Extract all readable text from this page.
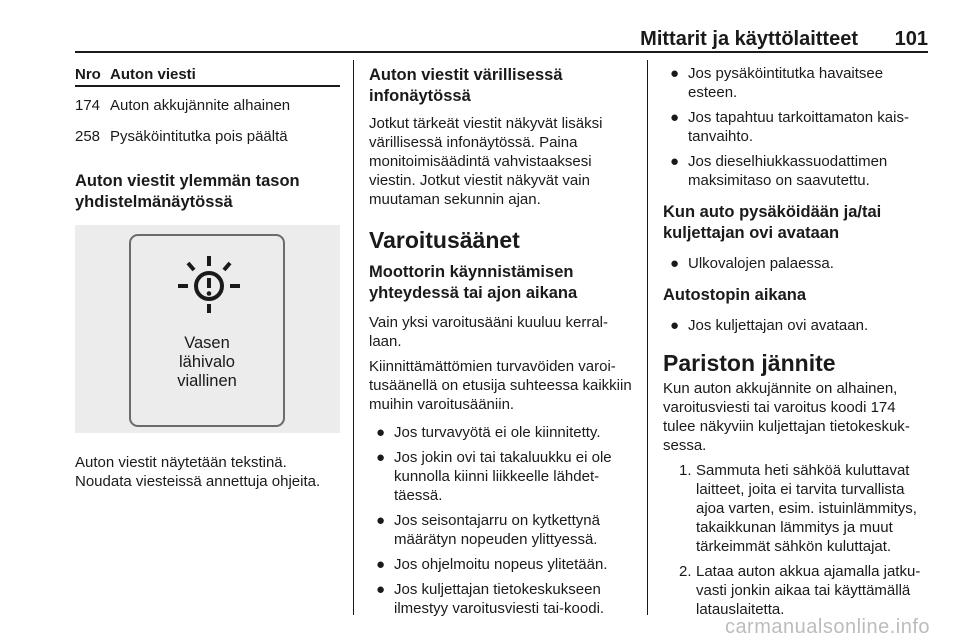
Mittarit ja käyttölaitteet 101
Nro	Auton viesti
174	Auton akkujännite alhainen
258	Pysäköintitutka pois päältä
Auton viestit ylemmän tason yhdistelmänäytössä
Vasen
lähivalo
viallinen

Auton viestit näytetään tekstinä. Noudata viesteissä annettuja ohjeita.

Auton viestit värillisessä infonäytössä

Jotkut tärkeät viestit näkyvät lisäksi värillisessä infonäytössä. Paina monitoimisäädintä vahvistaaksesi viestin. Jotkut viestit näkyvät vain muutaman sekunnin ajan.

Varoitusäänet
Moottorin käynnistämisen yhteydessä tai ajon aikana

Vain yksi varoitusääni kuuluu kerrallaan.

Kiinnittämättömien turvavöiden varoitusäänellä on etusija suhteessa kaikkiin muihin varoitusääniin.

● Jos turvavyötä ei ole kiinnitetty.
● Jos jokin ovi tai takaluukku ei ole kunnolla kiinni liikkeelle lähdettäessä.
● Jos seisontajarru on kytkettynä määrätyn nopeuden ylittyessä.
● Jos ohjelmoitu nopeus ylitetään.
● Jos kuljettajan tietokeskukseen ilmestyy varoitusviesti tai-koodi.
● Jos pysäköintitutka havaitsee esteen.
● Jos tapahtuu tarkoittamaton kaistanvaihto.
● Jos dieselhiukkassuodattimen maksimitaso on saavutettu.
Kun auto pysäköidään ja/tai kuljettajan ovi avataan
● Ulkovalojen palaessa.
Autostopin aikana
● Jos kuljettajan ovi avataan.
Pariston jännite

Kun auton akkujännite on alhainen, varoitusviesti tai varoitus koodi 174 tulee näkyviin kuljettajan tietokeskuksessa.

1. Sammuta heti sähköä kuluttavat laitteet, joita ei tarvita turvallista ajoa varten, esim. istuinlämmitys, takaikkunan lämmitys ja muut tärkeimmät sähkön kuluttajat.
2. Lataa auton akkua ajamalla jatkuvasti jonkin aikaa tai käyttämällä latauslaitetta.
carmanualsonline.info
